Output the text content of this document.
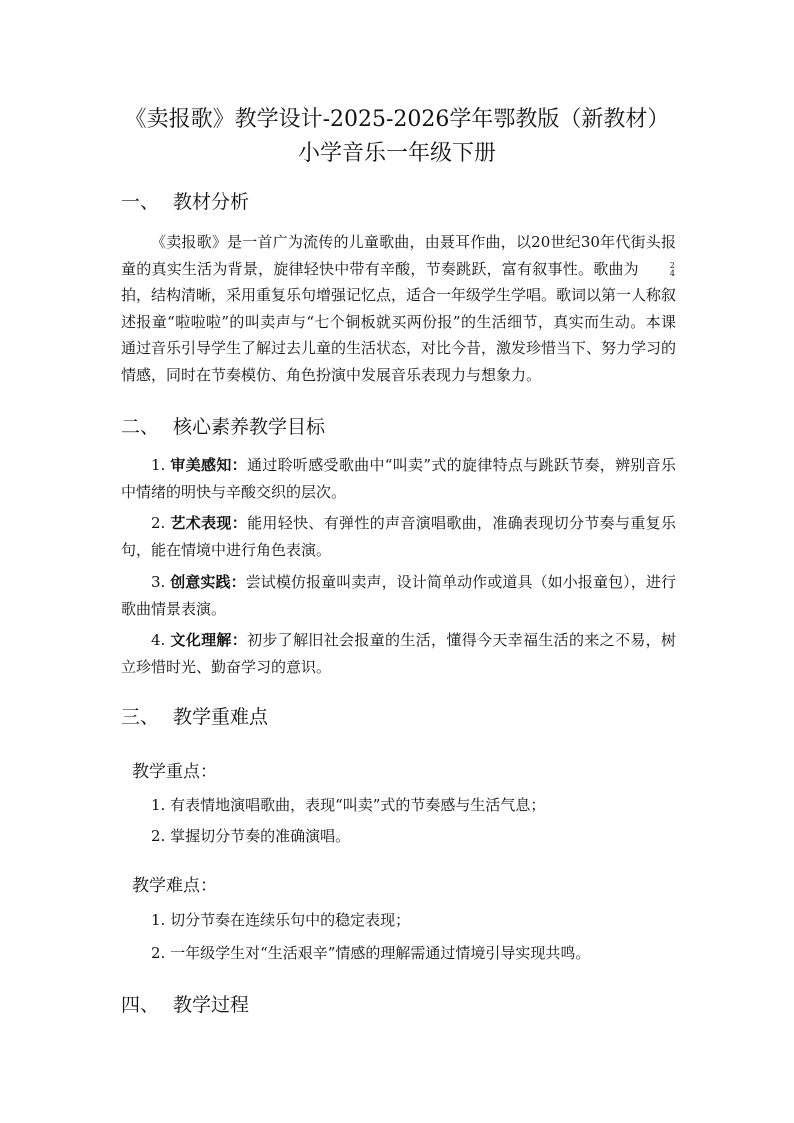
《卖报歌》教学设计-2025-2026学年鄂教版（新教材）
小学音乐一年级下册
一、 教材分析

《卖报歌》是一首广为流传的儿童歌曲，由聂耳作曲，以20世纪30年代街头报童的真实生活为背景，旋律轻快中带有辛酸，节奏跳跃，富有叙事性。歌曲为	2
4
拍，结构清晰，采用重复乐句增强记忆点，适合一年级学生学唱。歌词以第一人称叙述报童“啦啦啦”的叫卖声与“七个铜板就买两份报”的生活细节，真实而生动。本课通过音乐引导学生了解过去儿童的生活状态，对比今昔，激发珍惜当下、努力学习的情感，同时在节奏模仿、角色扮演中发展音乐表现力与想象力。

二、 核心素养教学目标

1. 审美感知：通过聆听感受歌曲中“叫卖”式的旋律特点与跳跃节奏，辨别音乐中情绪的明快与辛酸交织的层次。

2. 艺术表现：能用轻快、有弹性的声音演唱歌曲，准确表现切分节奏与重复乐句，能在情境中进行角色表演。

3. 创意实践：尝试模仿报童叫卖声，设计简单动作或道具（如小报童包），进行歌曲情景表演。

4. 文化理解：初步了解旧社会报童的生活，懂得今天幸福生活的来之不易，树立珍惜时光、勤奋学习的意识。

三、 教学重难点
教学重点：

1. 有表情地演唱歌曲，表现“叫卖”式的节奏感与生活气息；

2. 掌握切分节奏的准确演唱。

教学难点：

1. 切分节奏在连续乐句中的稳定表现；

2. 一年级学生对“生活艰辛”情感的理解需通过情境引导实现共鸣。

四、 教学过程
